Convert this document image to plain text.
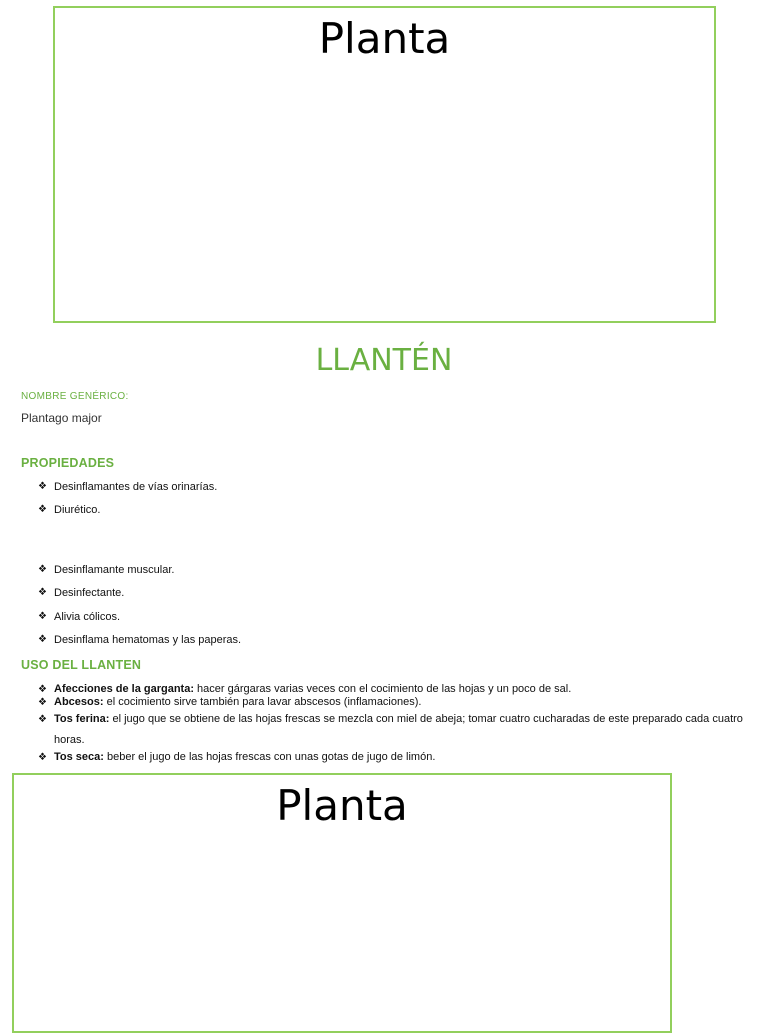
Planta
LLANTÉN
NOMBRE GENÉRICO:
Plantago major
PROPIEDADES
❖ Desinflamantes de vías orinarías.
❖ Diurético.
❖ Desinflamante muscular.
❖ Desinfectante.
❖ Alivia cólicos.
❖ Desinflama hematomas y las paperas.
USO DEL LLANTEN
❖ Afecciones de la garganta: hacer gárgaras varias veces con el cocimiento de las hojas y un poco de sal.
❖ Abcesos: el cocimiento sirve también para lavar abscesos (inflamaciones).
❖ Tos ferina: el jugo que se obtiene de las hojas frescas se mezcla con miel de abeja; tomar cuatro cucharadas de este preparado cada cuatro horas.
❖ Tos seca: beber el jugo de las hojas frescas con unas gotas de jugo de limón.
Planta
